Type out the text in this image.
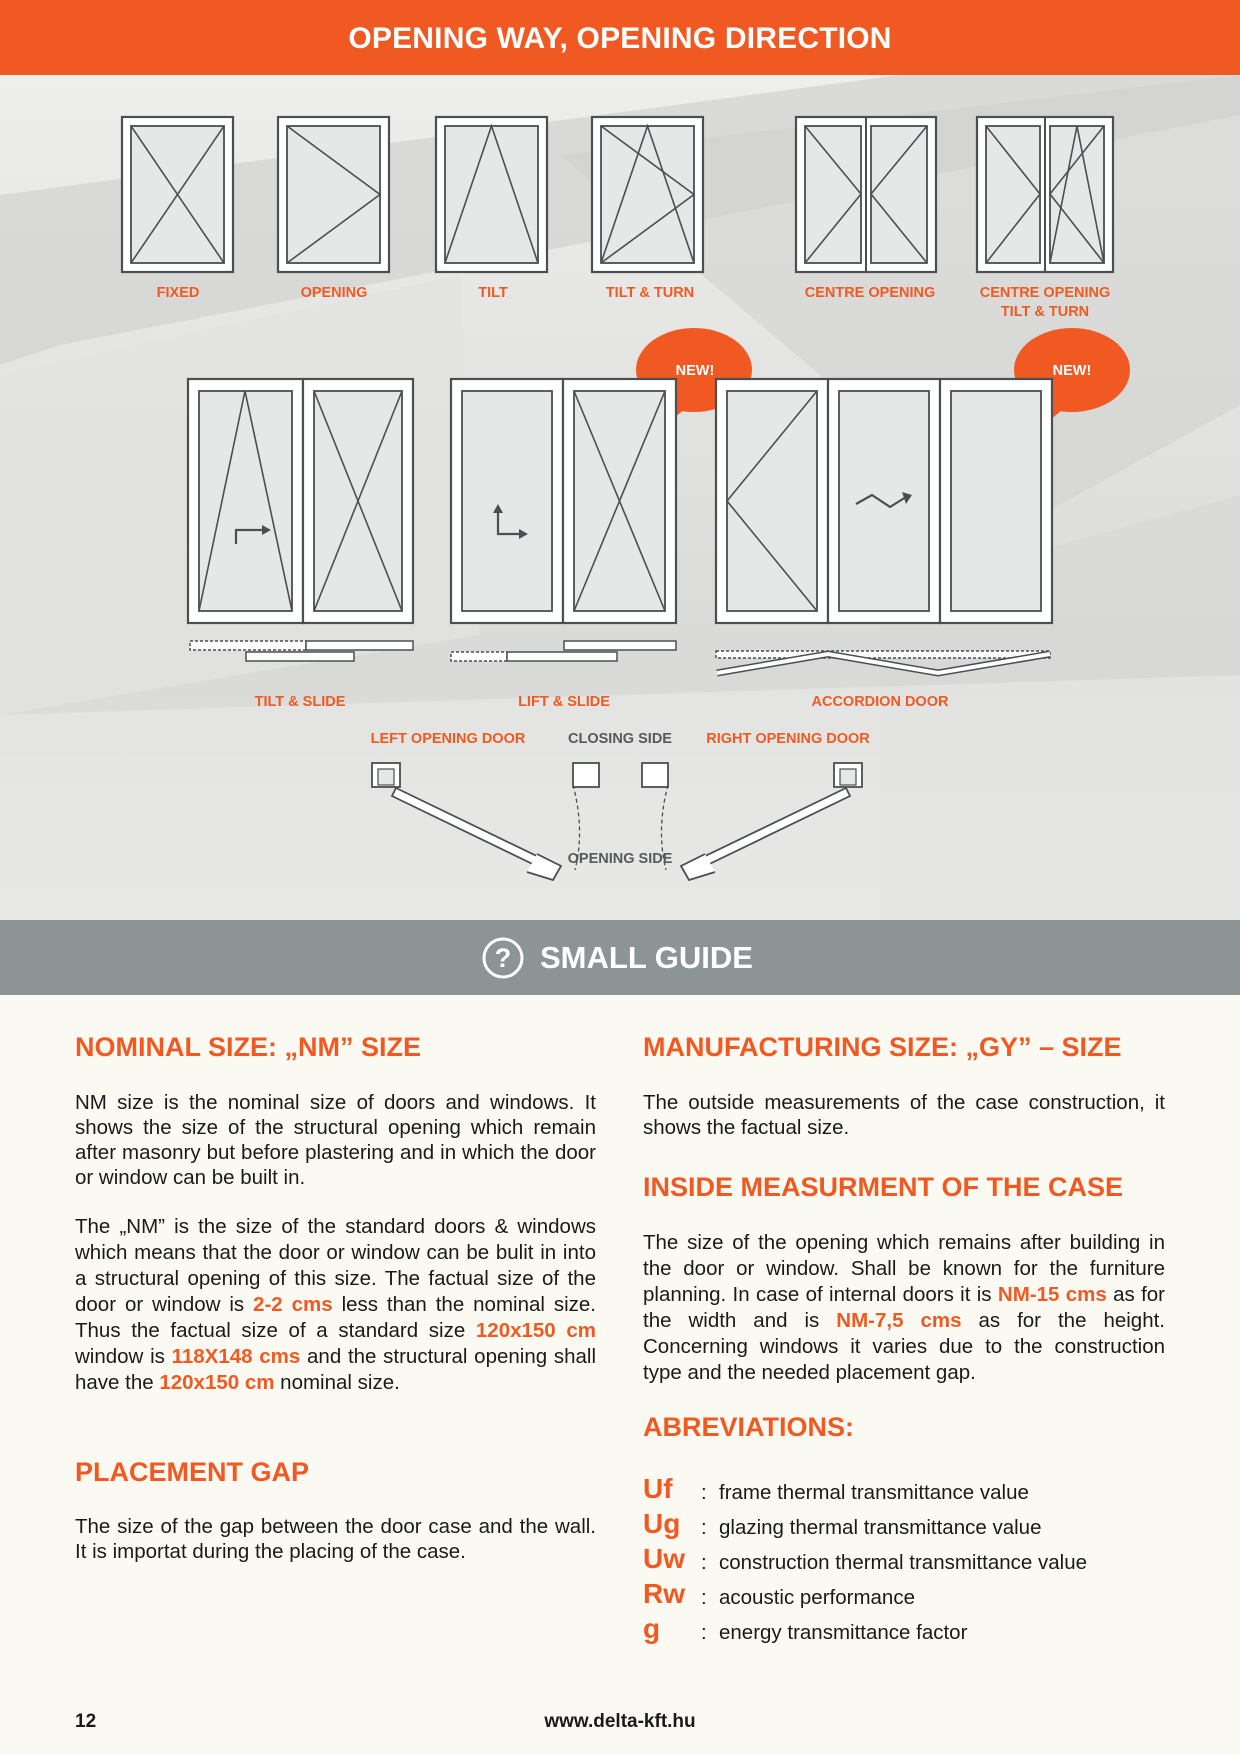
OPENING WAY, OPENING DIRECTION
FIXED	OPENING	TILT	TILT & TURN	CENTRE OPENING	CENTRE OPENING
TILT & TURN
NEW!	NEW!
TILT & SLIDE	LIFT & SLIDE	ACCORDION DOOR
LEFT OPENING DOOR	CLOSING SIDE	RIGHT OPENING DOOR
OPENING SIDE
? SMALL GUIDE
NOMINAL SIZE: „NM” SIZE

NM size is the nominal size of doors and windows. It shows the size of the structural opening which remain after masonry but before plastering and in which the door or window can be built in.

The „NM” is the size of the standard doors & windows which means that the door or window can be bulit in into a structural opening of this size. The factual size of the door or window is 2-2 cms less than the nominal size. Thus the factual size of a standard size 120x150 cm window is 118X148 cms and the structural opening shall have the 120x150 cm nominal size.

PLACEMENT GAP

The size of the gap between the door case and the wall. It is importat during the placing of the case.

MANUFACTURING SIZE: „GY” – SIZE

The outside measurements of the case construction, it shows the factual size.

INSIDE MEASURMENT OF THE CASE

The size of the opening which remains after building in the door or window. Shall be known for the furniture planning. In case of internal doors it is NM-15 cms as for the width and is NM-7,5 cms as for the height. Concerning windows it varies due to the construction type and the needed placement gap.

ABREVIATIONS:
Uf : frame thermal transmittance value
Ug : glazing thermal transmittance value
Uw : construction thermal transmittance value
Rw : acoustic performance
g : energy transmittance factor
12	www.delta-kft.hu
